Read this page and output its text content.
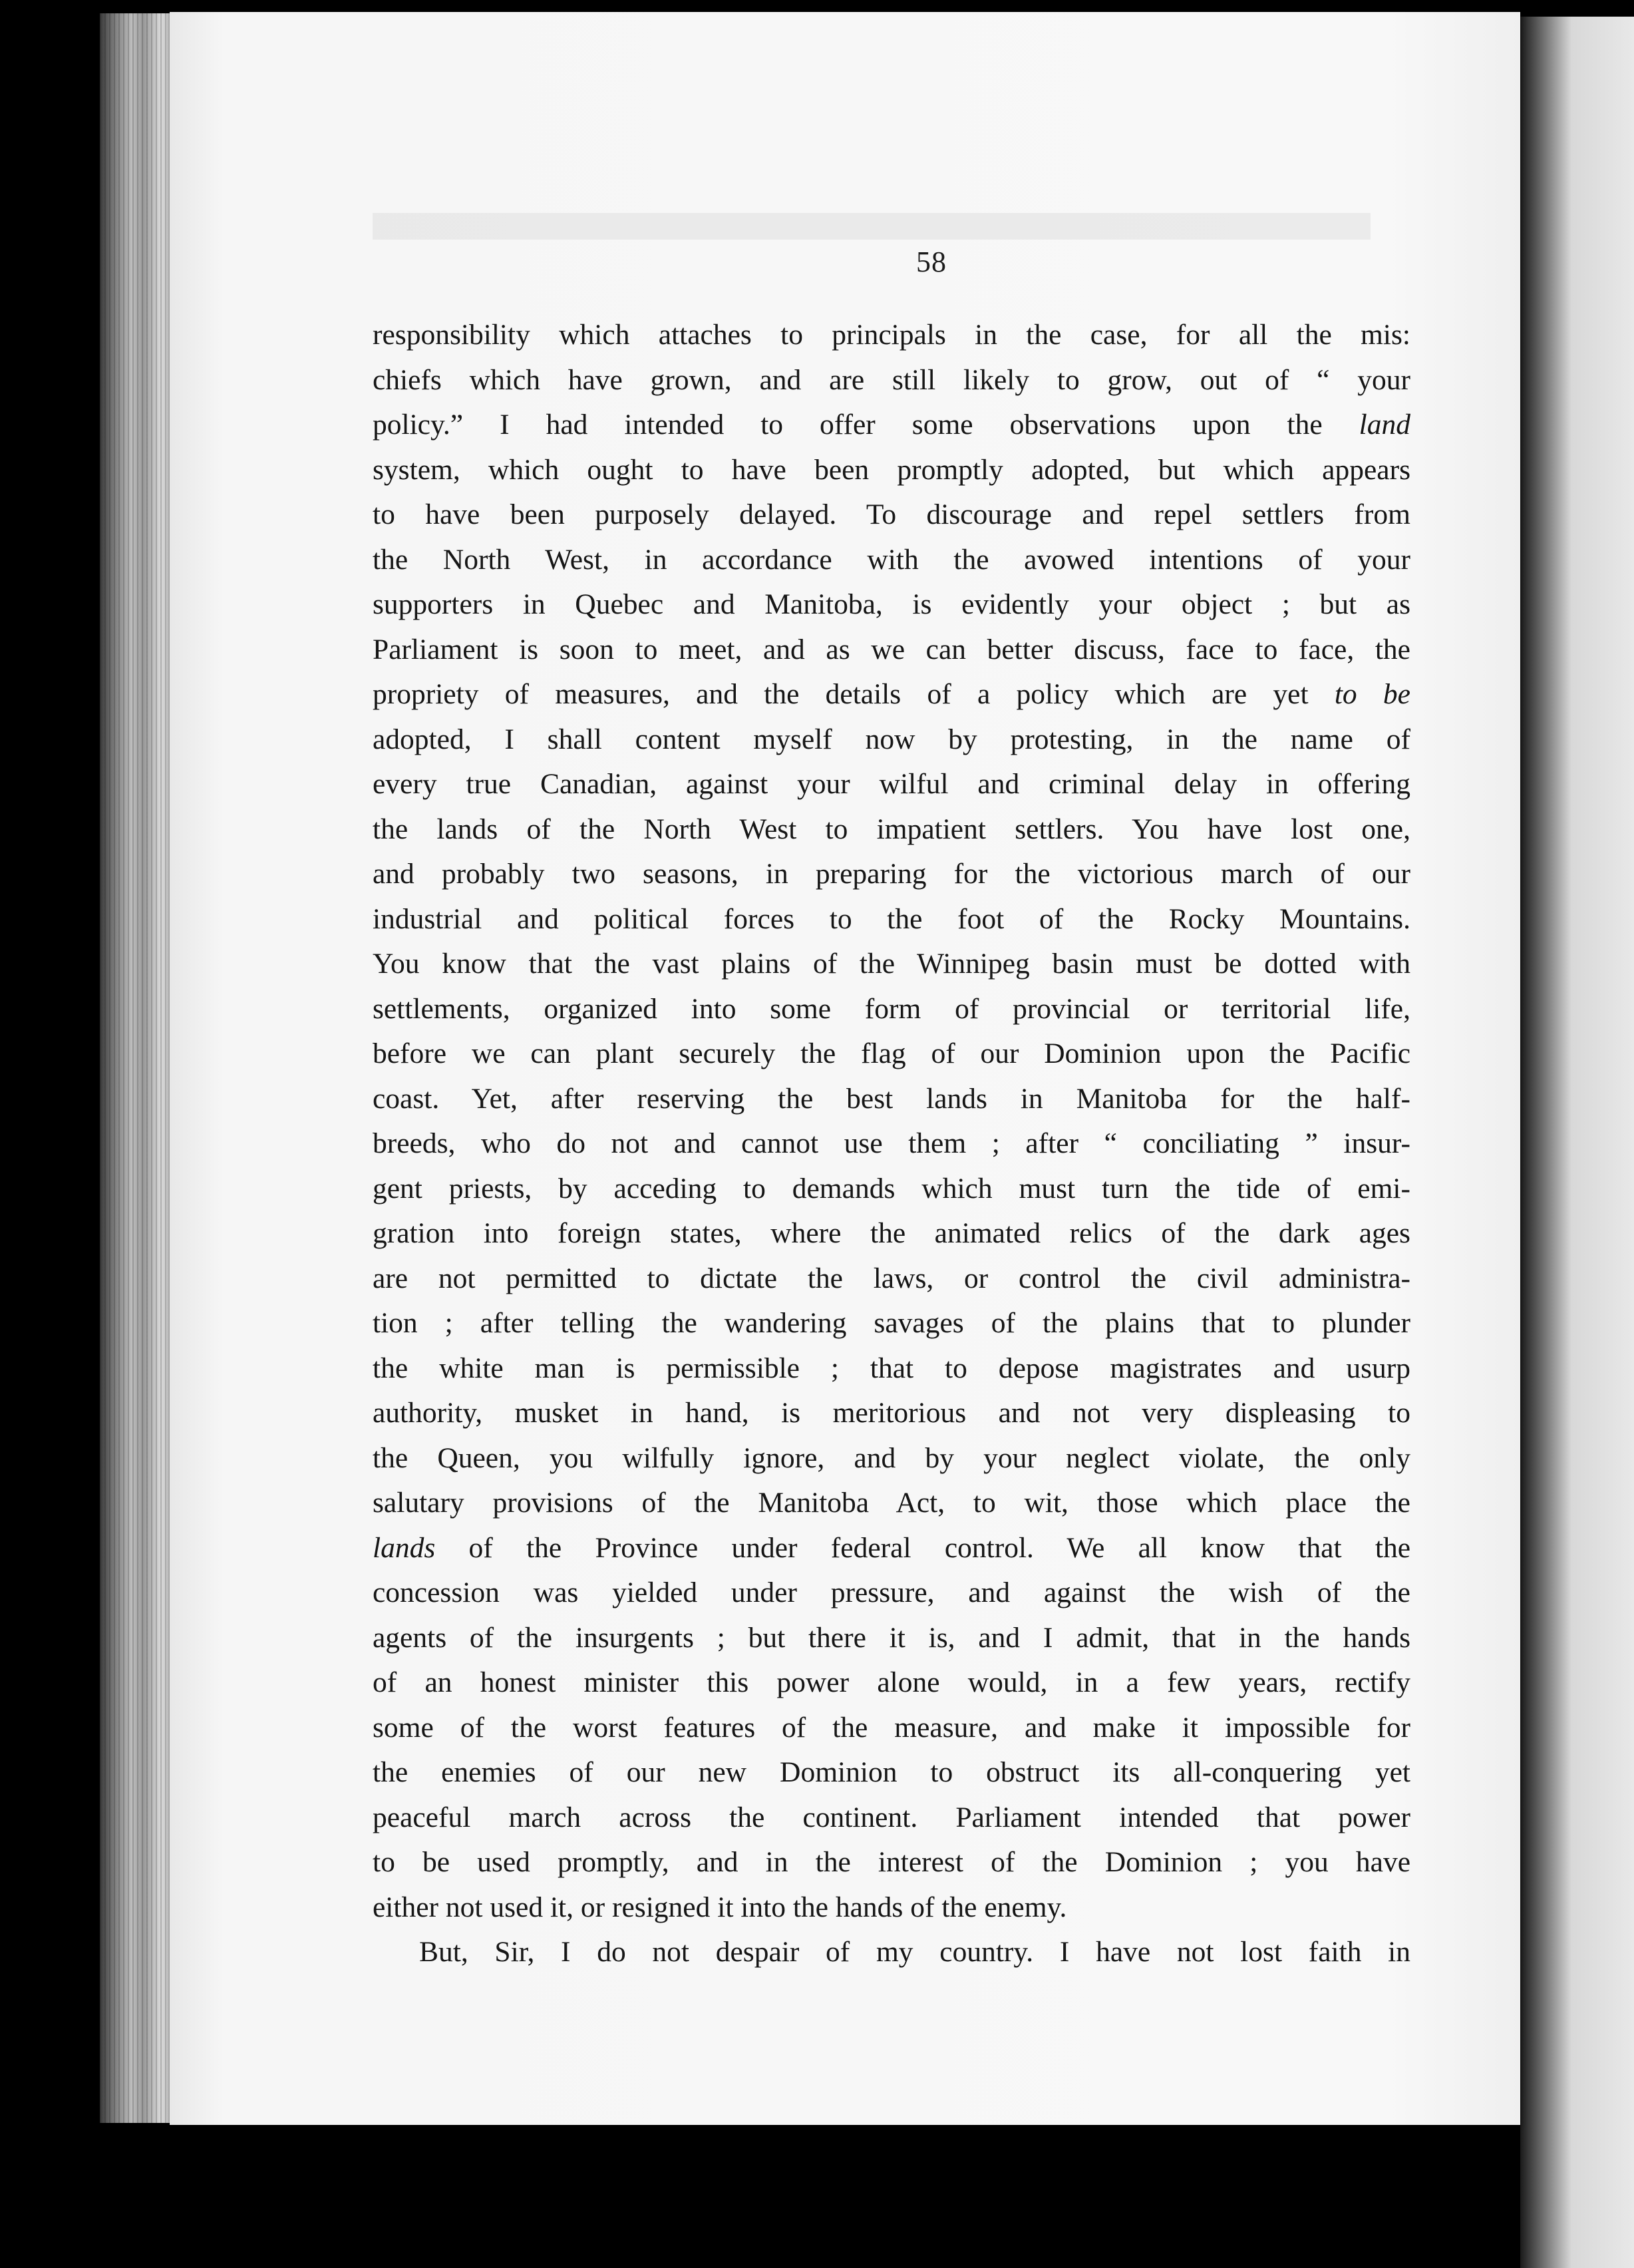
58
responsibility which attaches to principals in the case, for all the mis:
chiefs which have grown, and are still likely to grow, out of “ your
policy.” I had intended to offer some observations upon the land
system, which ought to have been promptly adopted, but which appears
to have been purposely delayed. To discourage and repel settlers from
the North West, in accordance with the avowed intentions of your
supporters in Quebec and Manitoba, is evidently your object ; but as
Parliament is soon to meet, and as we can better discuss, face to face, the
propriety of measures, and the details of a policy which are yet to be
adopted, I shall content myself now by protesting, in the name of
every true Canadian, against your wilful and criminal delay in offering
the lands of the North West to impatient settlers. You have lost one,
and probably two seasons, in preparing for the victorious march of our
industrial and political forces to the foot of the Rocky Mountains.
You know that the vast plains of the Winnipeg basin must be dotted with
settlements, organized into some form of provincial or territorial life,
before we can plant securely the flag of our Dominion upon the Pacific
coast. Yet, after reserving the best lands in Manitoba for the half-
breeds, who do not and cannot use them ; after “ conciliating ” insur-
gent priests, by acceding to demands which must turn the tide of emi-
gration into foreign states, where the animated relics of the dark ages
are not permitted to dictate the laws, or control the civil administra-
tion ; after telling the wandering savages of the plains that to plunder
the white man is permissible ; that to depose magistrates and usurp
authority, musket in hand, is meritorious and not very displeasing to
the Queen, you wilfully ignore, and by your neglect violate, the only
salutary provisions of the Manitoba Act, to wit, those which place the
lands of the Province under federal control. We all know that the
concession was yielded under pressure, and against the wish of the
agents of the insurgents ; but there it is, and I admit, that in the hands
of an honest minister this power alone would, in a few years, rectify
some of the worst features of the measure, and make it impossible for
the enemies of our new Dominion to obstruct its all-conquering yet
peaceful march across the continent. Parliament intended that power
to be used promptly, and in the interest of the Dominion ; you have
either not used it, or resigned it into the hands of the enemy.
But, Sir, I do not despair of my country. I have not lost faith in
